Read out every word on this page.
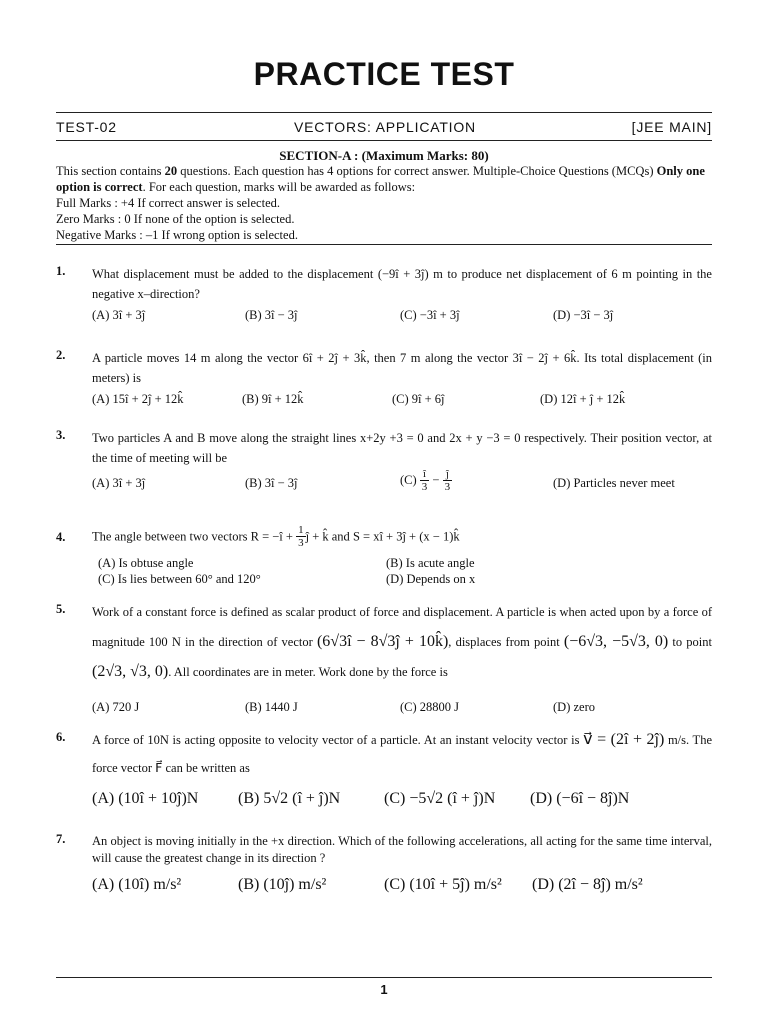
PRACTICE TEST
TEST-02	VECTORS: APPLICATION	[JEE MAIN]
SECTION-A : (Maximum Marks: 80)
This section contains 20 questions. Each question has 4 options for correct answer. Multiple-Choice Questions (MCQs) Only one option is correct. For each question, marks will be awarded as follows:
Full Marks : +4 If correct answer is selected.
Zero Marks : 0 If none of the option is selected.
Negative Marks : –1 If wrong option is selected.
1. What displacement must be added to the displacement (−9î + 3ĵ) m to produce net displacement of 6 m pointing in the negative x–direction?
(A) 3î + 3ĵ	(B) 3î − 3ĵ	(C) −3î + 3ĵ	(D) −3î − 3ĵ
2. A particle moves 14 m along the vector 6î + 2ĵ + 3k̂, then 7 m along the vector 3î − 2ĵ + 6k̂. Its total displacement (in meters) is
(A) 15î + 2ĵ + 12k̂	(B) 9î + 12k̂	(C) 9î + 6ĵ	(D) 12î + ĵ + 12k̂
3. Two particles A and B move along the straight lines x+2y +3 = 0 and 2x + y −3 = 0 respectively. Their position vector, at the time of meeting will be
(A) 3î + 3ĵ	(B) 3î − 3ĵ	$(C) \frac{î}{3} - \frac{ĵ}{3}$	(D) Particles never meet
4. The angle between two vectors R = −î + $\frac{1}{3}$ ĵ + k̂ and S = xî + 3ĵ + (x − 1)k̂
(A) Is obtuse angle	(B) Is acute angle
(C) Is lies between 60° and 120°	(D) Depends on x
5. Work of a constant force is defined as scalar product of force and displacement. A particle is when acted upon by a force of magnitude 100 N in the direction of vector (6√3î − 8√3ĵ + 10k̂), displaces from point (−6√3, −5√3, 0) to point (2√3, √3, 0). All coordinates are in meter. Work done by the force is
(A) 720 J	(B) 1440 J	(C) 28800 J	(D) zero
6. A force of 10N is acting opposite to velocity vector of a particle. At an instant velocity vector is v⃗ = (2î + 2ĵ) m/s. The force vector F⃗ can be written as
(A) (10î + 10ĵ)N (B) 5√2 (î + ĵ)N	(C) −5√2 (î + ĵ)N (D) (−6î − 8ĵ)N
7. An object is moving initially in the +x direction. Which of the following accelerations, all acting for the same time interval, will cause the greatest change in its direction ?
(A) (10î) m/s²	(B) (10ĵ) m/s²	(C) (10î + 5ĵ) m/s² (D) (2î − 8ĵ) m/s²
1
